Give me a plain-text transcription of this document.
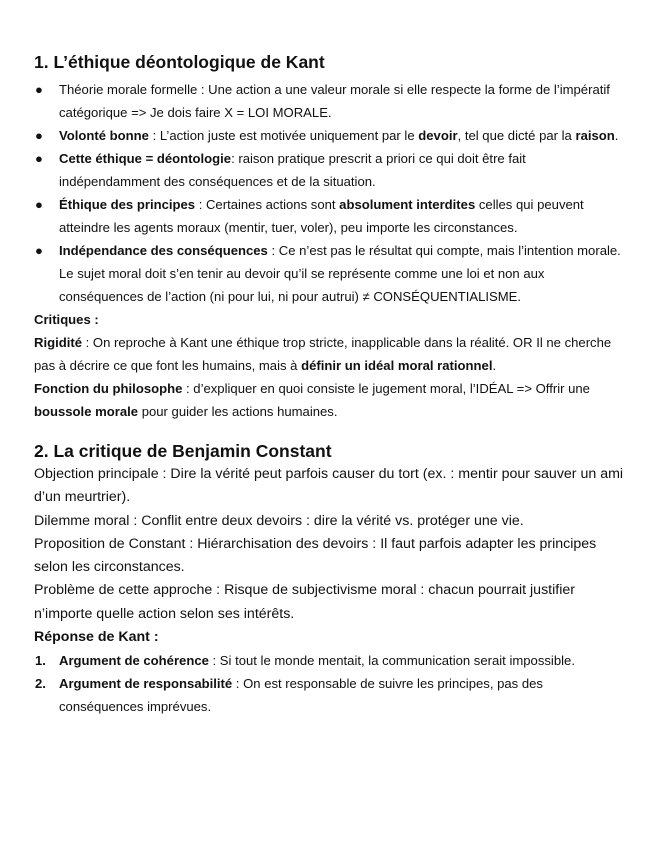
1. L’éthique déontologique de Kant
● Théorie morale formelle : Une action a une valeur morale si elle respecte la forme de l’impératif catégorique => Je dois faire X = LOI MORALE.
● Volonté bonne : L’action juste est motivée uniquement par le devoir, tel que dicté par la raison.
● Cette éthique = déontologie: raison pratique prescrit a priori ce qui doit être fait indépendamment des conséquences et de la situation.
● Éthique des principes : Certaines actions sont absolument interdites celles qui peuvent atteindre les agents moraux (mentir, tuer, voler), peu importe les circonstances.
● Indépendance des conséquences : Ce n’est pas le résultat qui compte, mais l’intention morale. Le sujet moral doit s’en tenir au devoir qu’il se représente comme une loi et non aux conséquences de l’action (ni pour lui, ni pour autrui) ≠ CONSÉQUENTIALISME.

Critiques :

Rigidité : On reproche à Kant une éthique trop stricte, inapplicable dans la réalité. OR Il ne cherche pas à décrire ce que font les humains, mais à définir un idéal moral rationnel.

Fonction du philosophe : d’expliquer en quoi consiste le jugement moral, l’IDÉAL => Offrir une boussole morale pour guider les actions humaines.

2. La critique de Benjamin Constant

Objection principale : Dire la vérité peut parfois causer du tort (ex. : mentir pour sauver un ami d’un meurtrier).

Dilemme moral : Conflit entre deux devoirs : dire la vérité vs. protéger une vie.

Proposition de Constant : Hiérarchisation des devoirs : Il faut parfois adapter les principes selon les circonstances.

Problème de cette approche : Risque de subjectivisme moral : chacun pourrait justifier n’importe quelle action selon ses intérêts.

Réponse de Kant :

1. Argument de cohérence : Si tout le monde mentait, la communication serait impossible.
2. Argument de responsabilité : On est responsable de suivre les principes, pas des conséquences imprévues.
